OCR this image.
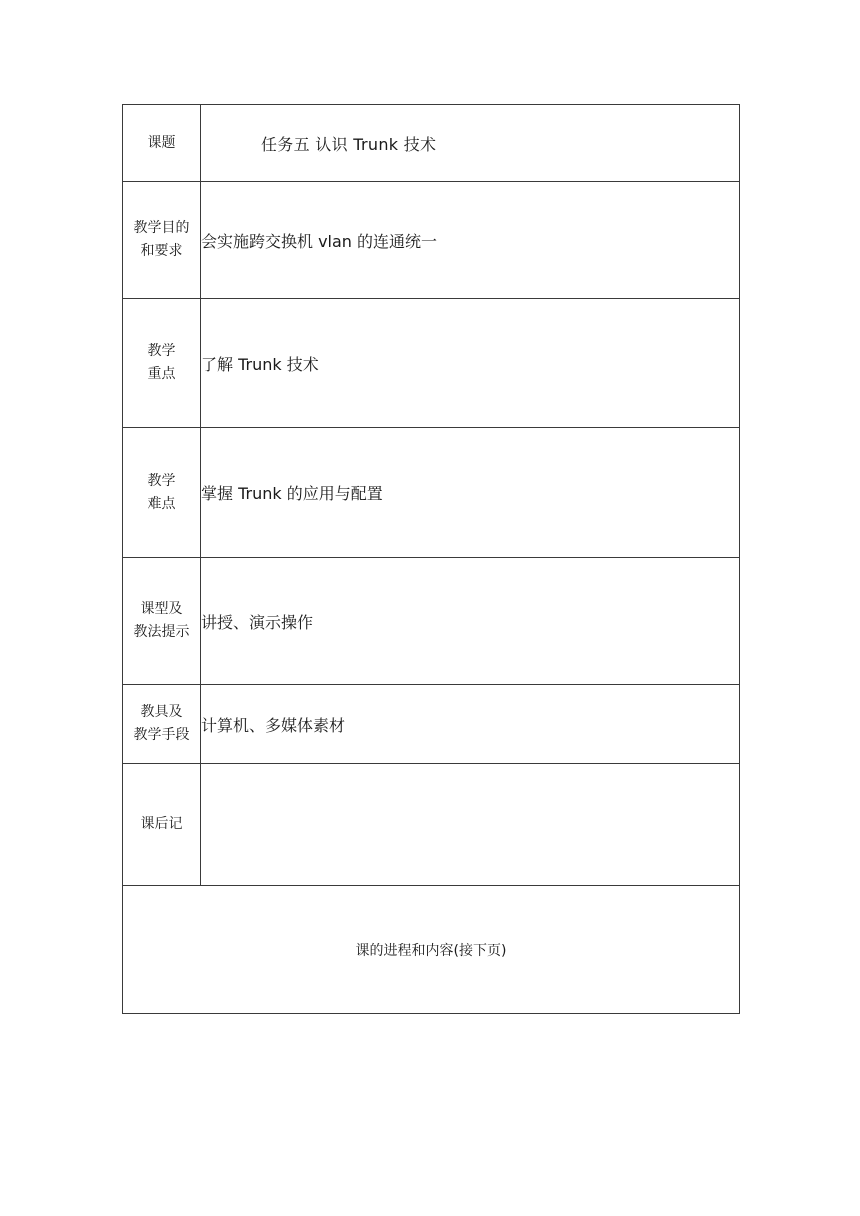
课题	任务五 认识 Trunk 技术

教学目的
和要求	会实施跨交换机 vlan 的连通统一

教学
重点	了解 Trunk 技术

教学
难点	掌握 Trunk 的应用与配置

课型及
教法提示	讲授、演示操作

教具及
教学手段	计算机、多媒体素材

课后记	

课的进程和内容(接下页)	
